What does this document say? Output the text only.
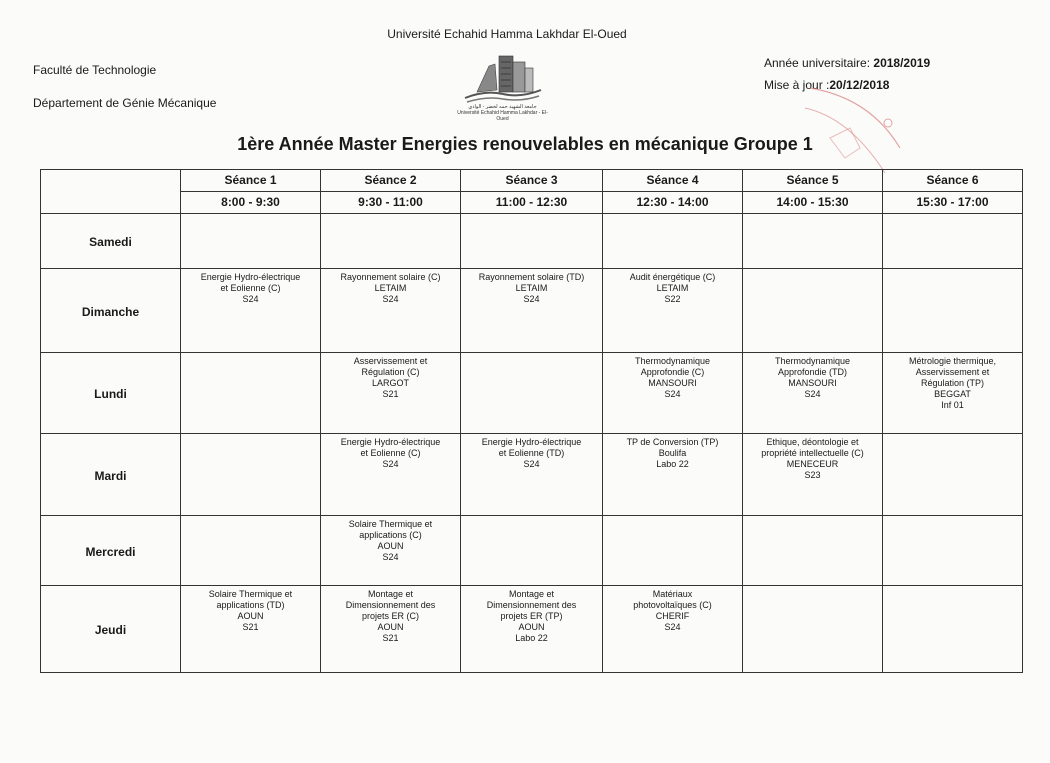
Université Echahid Hamma Lakhdar El-Oued
Faculté de Technologie
Département de Génie Mécanique
Année universitaire: 2018/2019
Mise à jour :20/12/2018
جامعة الشهيد حمه لخضر - الوادي
Université Echahid Hamma Lakhdar - El-Oued
1ère Année Master Energies renouvelables en mécanique Groupe 1
	Séance 1	Séance 2	Séance 3	Séance 4	Séance 5	Séance 6
	8:00 - 9:30	9:30 - 11:00	11:00 - 12:30	12:30 - 14:00	14:00 - 15:30	15:30 - 17:00
Samedi						
Dimanche	Energie Hydro-électrique
et Eolienne (C)
S24	Rayonnement solaire (C)
LETAIM
S24	Rayonnement solaire (TD)
LETAIM
S24	Audit énergétique (C)
LETAIM
S22		

Lundi		Asservissement et
Régulation (C)
LARGOT
S21		Thermodynamique
Approfondie (C)
MANSOURI
S24	Thermodynamique
Approfondie (TD)
MANSOURI
S24	Métrologie thermique,
Asservissement et
Régulation (TP)
BEGGAT
Inf 01

Mardi		Energie Hydro-électrique
et Eolienne (C)
S24	Energie Hydro-électrique
et Eolienne (TD)
S24	TP de Conversion (TP)
Boulifa
Labo 22	Ethique, déontologie et
propriété intellectuelle (C)
MENECEUR
S23	

Mercredi		Solaire Thermique et
applications (C)
AOUN
S24				

Jeudi	Solaire Thermique et
applications (TD)
AOUN
S21	Montage et
Dimensionnement des
projets ER (C)
AOUN
S21	Montage et
Dimensionnement des
projets ER (TP)
AOUN
Labo 22	Matériaux
photovoltaïques (C)
CHERIF
S24		
